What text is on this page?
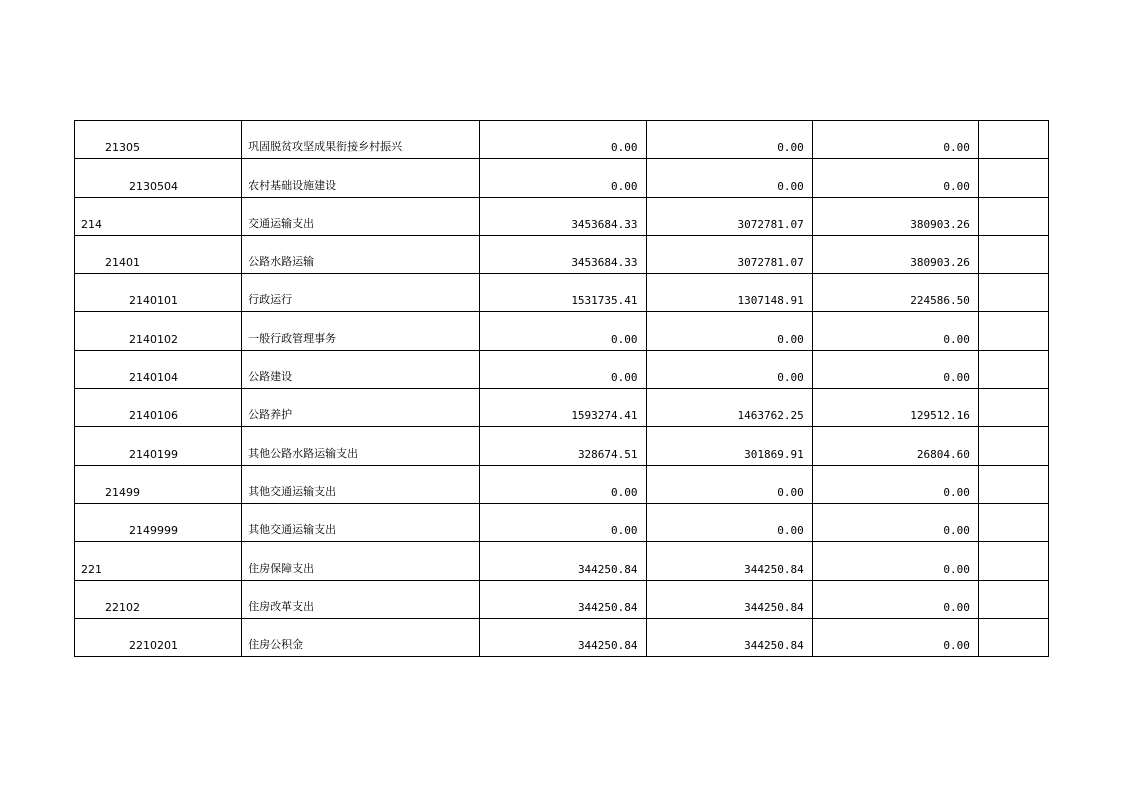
21305	巩固脱贫攻坚成果衔接乡村振兴	0.00	0.00	0.00	
2130504	农村基础设施建设	0.00	0.00	0.00	
214	交通运输支出	3453684.33	3072781.07	380903.26	
21401	公路水路运输	3453684.33	3072781.07	380903.26	
2140101	行政运行	1531735.41	1307148.91	224586.50	
2140102	一般行政管理事务	0.00	0.00	0.00	
2140104	公路建设	0.00	0.00	0.00	
2140106	公路养护	1593274.41	1463762.25	129512.16	
2140199	其他公路水路运输支出	328674.51	301869.91	26804.60	
21499	其他交通运输支出	0.00	0.00	0.00	
2149999	其他交通运输支出	0.00	0.00	0.00	
221	住房保障支出	344250.84	344250.84	0.00	
22102	住房改革支出	344250.84	344250.84	0.00	
2210201	住房公积金	344250.84	344250.84	0.00	
